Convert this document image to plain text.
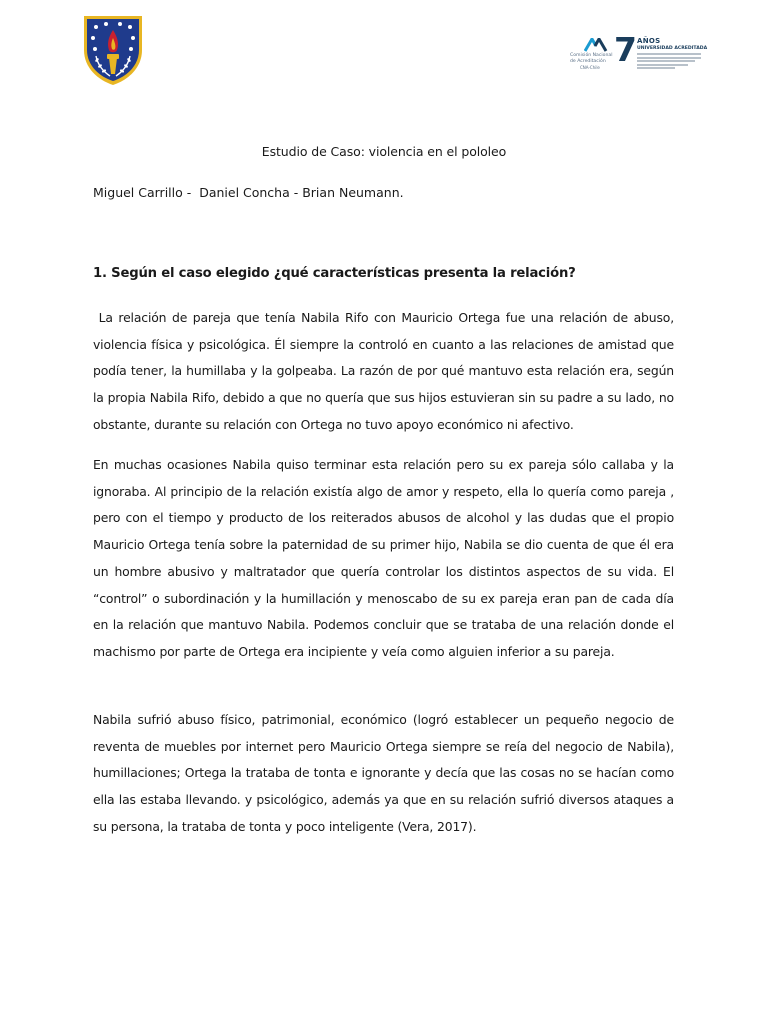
Comisión Nacional
de Acreditación
CNA-Chile 7 AÑOS
UNIVERSIDAD ACREDITADA
Estudio de Caso: violencia en el pololeo
Miguel Carrillo -  Daniel Concha - Brian Neumann.
1. Según el caso elegido ¿qué características presenta la relación?

La relación de pareja que tenía Nabila Rifo con Mauricio Ortega fue una relación de abuso, violencia física y psicológica. Él siempre la controló en cuanto a las relaciones de amistad que podía tener, la humillaba y la golpeaba. La razón de por qué mantuvo esta relación era, según la propia Nabila Rifo, debido a que no quería que sus hijos estuvieran sin su padre a su lado, no obstante, durante su relación con Ortega no tuvo apoyo económico ni afectivo.

En muchas ocasiones Nabila quiso terminar esta relación pero su ex pareja sólo callaba y la ignoraba. Al principio de la relación existía algo de amor y respeto, ella lo quería como pareja , pero con el tiempo y producto de los reiterados abusos de alcohol y las dudas que el propio Mauricio Ortega tenía sobre la paternidad de su primer hijo, Nabila se dio cuenta de que él era un hombre abusivo y maltratador que quería controlar los distintos aspectos de su vida. El “control” o subordinación y la humillación y menoscabo de su ex pareja eran pan de cada día en la relación que mantuvo Nabila. Podemos concluir que se trataba de una relación donde el machismo por parte de Ortega era incipiente y veía como alguien inferior a su pareja.

Nabila sufrió abuso físico, patrimonial, económico (logró establecer un pequeño negocio de reventa de muebles por internet pero Mauricio Ortega siempre se reía del negocio de Nabila), humillaciones; Ortega la trataba de tonta e ignorante y decía que las cosas no se hacían como ella las estaba llevando. y psicológico, además ya que en su relación sufrió diversos ataques a su persona, la trataba de tonta y poco inteligente (Vera, 2017).
